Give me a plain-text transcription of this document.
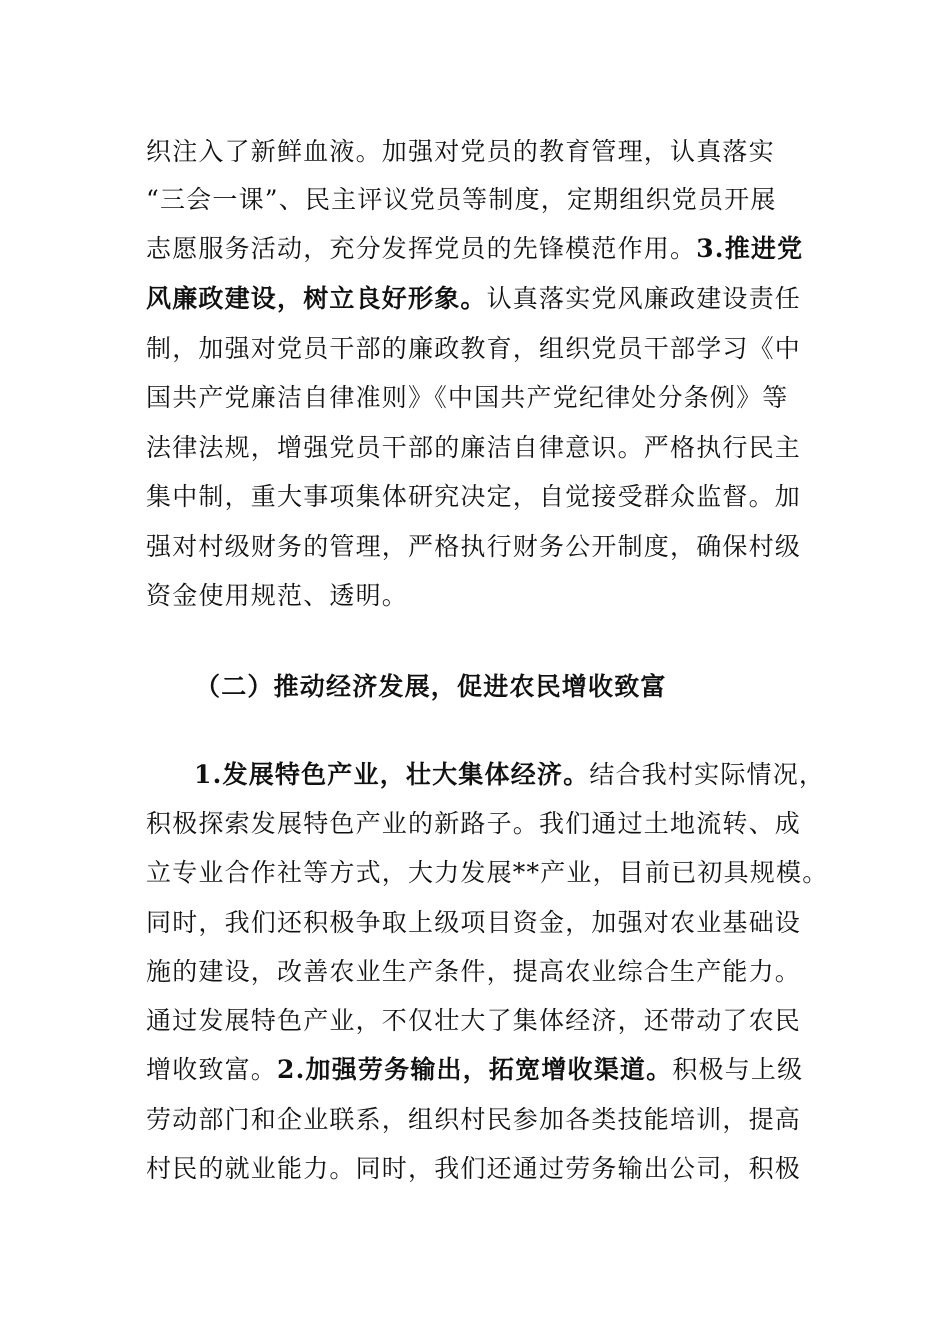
织注入了新鲜血液。加强对党员的教育管理，认真落实
“三会一课”、民主评议党员等制度，定期组织党员开展
志愿服务活动，充分发挥党员的先锋模范作用。3.推进党
风廉政建设，树立良好形象。认真落实党风廉政建设责任
制，加强对党员干部的廉政教育，组织党员干部学习《中
国共产党廉洁自律准则》《中国共产党纪律处分条例》等
法律法规，增强党员干部的廉洁自律意识。严格执行民主
集中制，重大事项集体研究决定，自觉接受群众监督。加
强对村级财务的管理，严格执行财务公开制度，确保村级
资金使用规范、透明。
（二）推动经济发展，促进农民增收致富
1.发展特色产业，壮大集体经济。结合我村实际情况，
积极探索发展特色产业的新路子。我们通过土地流转、成
立专业合作社等方式，大力发展**产业，目前已初具规模。
同时，我们还积极争取上级项目资金，加强对农业基础设
施的建设，改善农业生产条件，提高农业综合生产能力。
通过发展特色产业，不仅壮大了集体经济，还带动了农民
增收致富。2.加强劳务输出，拓宽增收渠道。积极与上级
劳动部门和企业联系，组织村民参加各类技能培训，提高
村民的就业能力。同时，我们还通过劳务输出公司，积极
